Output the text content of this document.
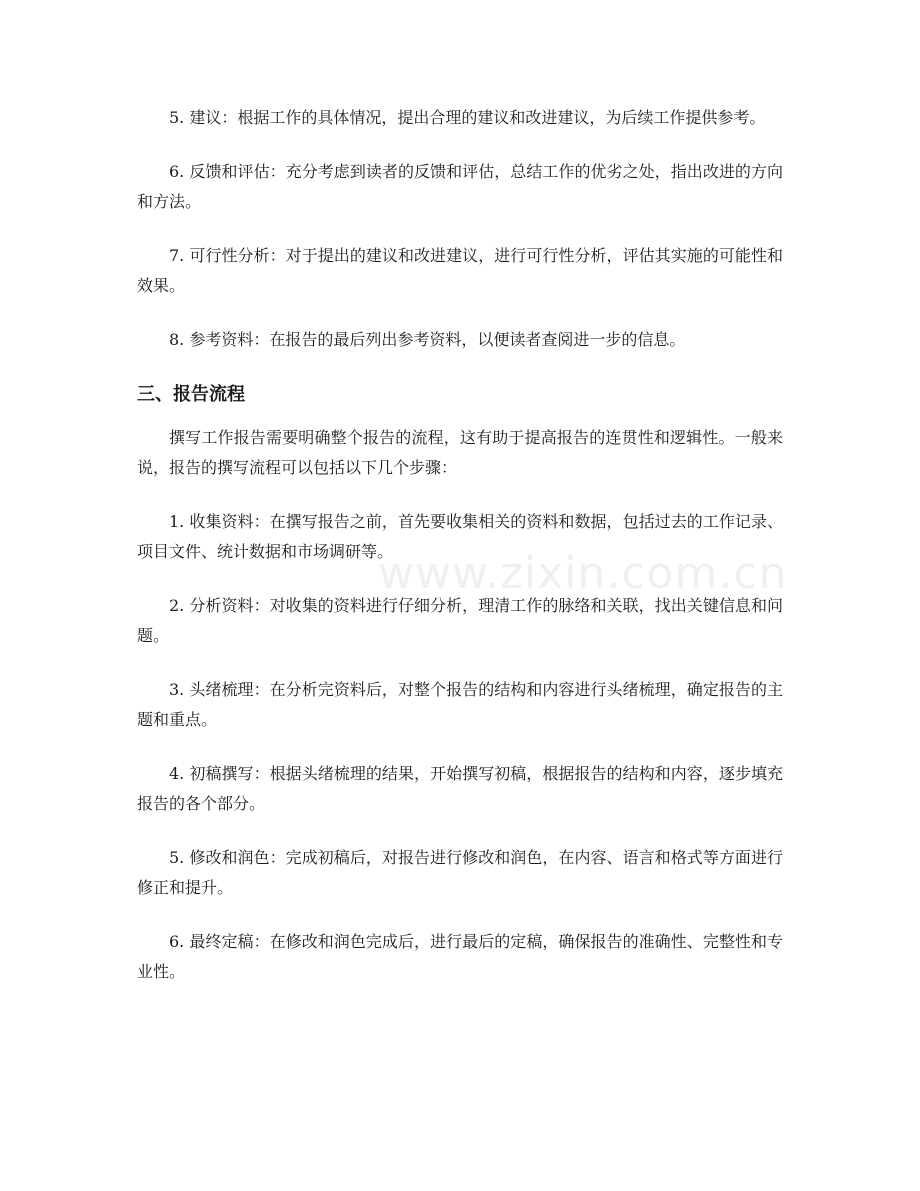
5. 建议：根据工作的具体情况，提出合理的建议和改进建议，为后续工作提供参考。

6. 反馈和评估：充分考虑到读者的反馈和评估，总结工作的优劣之处，指出改进的方向和方法。

7. 可行性分析：对于提出的建议和改进建议，进行可行性分析，评估其实施的可能性和效果。

8. 参考资料：在报告的最后列出参考资料，以便读者查阅进一步的信息。

三、报告流程

撰写工作报告需要明确整个报告的流程，这有助于提高报告的连贯性和逻辑性。一般来说，报告的撰写流程可以包括以下几个步骤：

1. 收集资料：在撰写报告之前，首先要收集相关的资料和数据，包括过去的工作记录、项目文件、统计数据和市场调研等。

2. 分析资料：对收集的资料进行仔细分析，理清工作的脉络和关联，找出关键信息和问题。

3. 头绪梳理：在分析完资料后，对整个报告的结构和内容进行头绪梳理，确定报告的主题和重点。

4. 初稿撰写：根据头绪梳理的结果，开始撰写初稿，根据报告的结构和内容，逐步填充报告的各个部分。

5. 修改和润色：完成初稿后，对报告进行修改和润色，在内容、语言和格式等方面进行修正和提升。

6. 最终定稿：在修改和润色完成后，进行最后的定稿，确保报告的准确性、完整性和专业性。

www.zixin.com.cn
